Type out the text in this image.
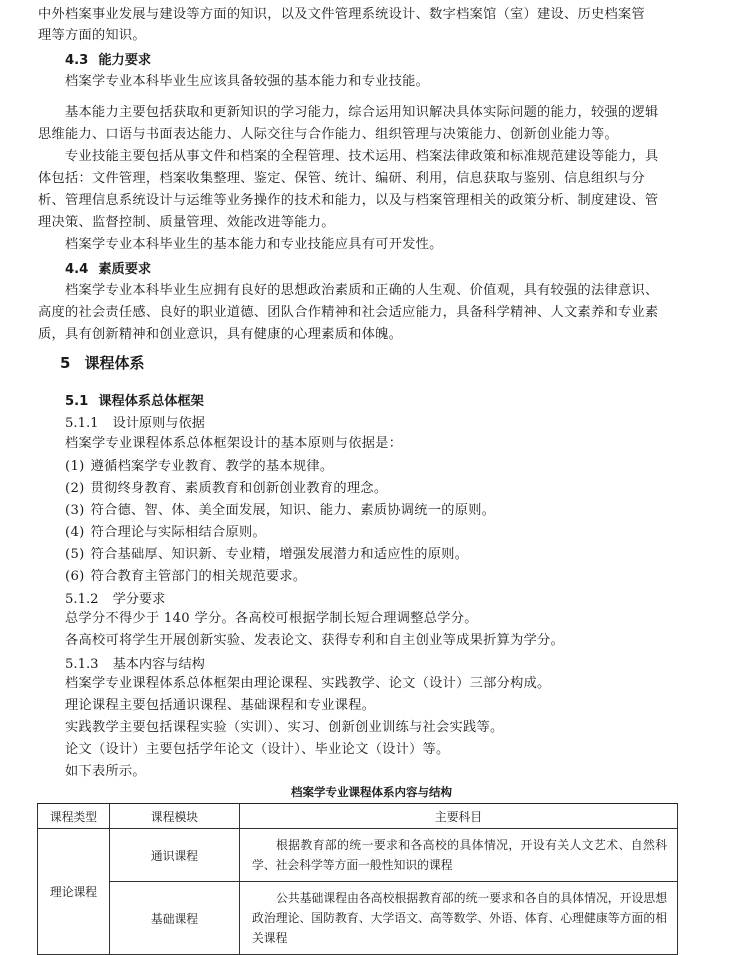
中外档案事业发展与建设等方面的知识，以及文件管理系统设计、数字档案馆（室）建设、历史档案管

理等方面的知识。

4.3 能力要求

档案学专业本科毕业生应该具备较强的基本能力和专业技能。

基本能力主要包括获取和更新知识的学习能力，综合运用知识解决具体实际问题的能力，较强的逻辑

思维能力、口语与书面表达能力、人际交往与合作能力、组织管理与决策能力、创新创业能力等。

专业技能主要包括从事文件和档案的全程管理、技术运用、档案法律政策和标准规范建设等能力，具

体包括：文件管理，档案收集整理、鉴定、保管、统计、编研、利用，信息获取与鉴别、信息组织与分

析、管理信息系统设计与运维等业务操作的技术和能力，以及与档案管理相关的政策分析、制度建设、管

理决策、监督控制、质量管理、效能改进等能力。

档案学专业本科毕业生的基本能力和专业技能应具有可开发性。

4.4 素质要求

档案学专业本科毕业生应拥有良好的思想政治素质和正确的人生观、价值观，具有较强的法律意识、

高度的社会责任感、良好的职业道德、团队合作精神和社会适应能力，具备科学精神、人文素养和专业素

质，具有创新精神和创业意识，具有健康的心理素质和体魄。

5 课程体系
5.1 课程体系总体框架
5.1.1 设计原则与依据

档案学专业课程体系总体框架设计的基本原则与依据是：

(1) 遵循档案学专业教育、教学的基本规律。
(2) 贯彻终身教育、素质教育和创新创业教育的理念。
(3) 符合德、智、体、美全面发展，知识、能力、素质协调统一的原则。
(4) 符合理论与实际相结合原则。
(5) 符合基础厚、知识新、专业精，增强发展潜力和适应性的原则。
(6) 符合教育主管部门的相关规范要求。
5.1.2 学分要求

总学分不得少于 140 学分。各高校可根据学制长短合理调整总学分。

各高校可将学生开展创新实验、发表论文、获得专利和自主创业等成果折算为学分。

5.1.3 基本内容与结构

档案学专业课程体系总体框架由理论课程、实践教学、论文（设计）三部分构成。

理论课程主要包括通识课程、基础课程和专业课程。

实践教学主要包括课程实验（实训）、实习、创新创业训练与社会实践等。

论文（设计）主要包括学年论文（设计）、毕业论文（设计）等。

如下表所示。

档案学专业课程体系内容与结构
课程类型	课程模块	主要科目
理论课程	通识课程	根据教育部的统一要求和各高校的具体情况，开设有关人文艺术、自然科学、社会科学等方面一般性知识的课程

	基础课程	公共基础课程由各高校根据教育部的统一要求和各自的具体情况，开设思想政治理论、国防教育、大学语文、高等数学、外语、体育、心理健康等方面的相关课程
